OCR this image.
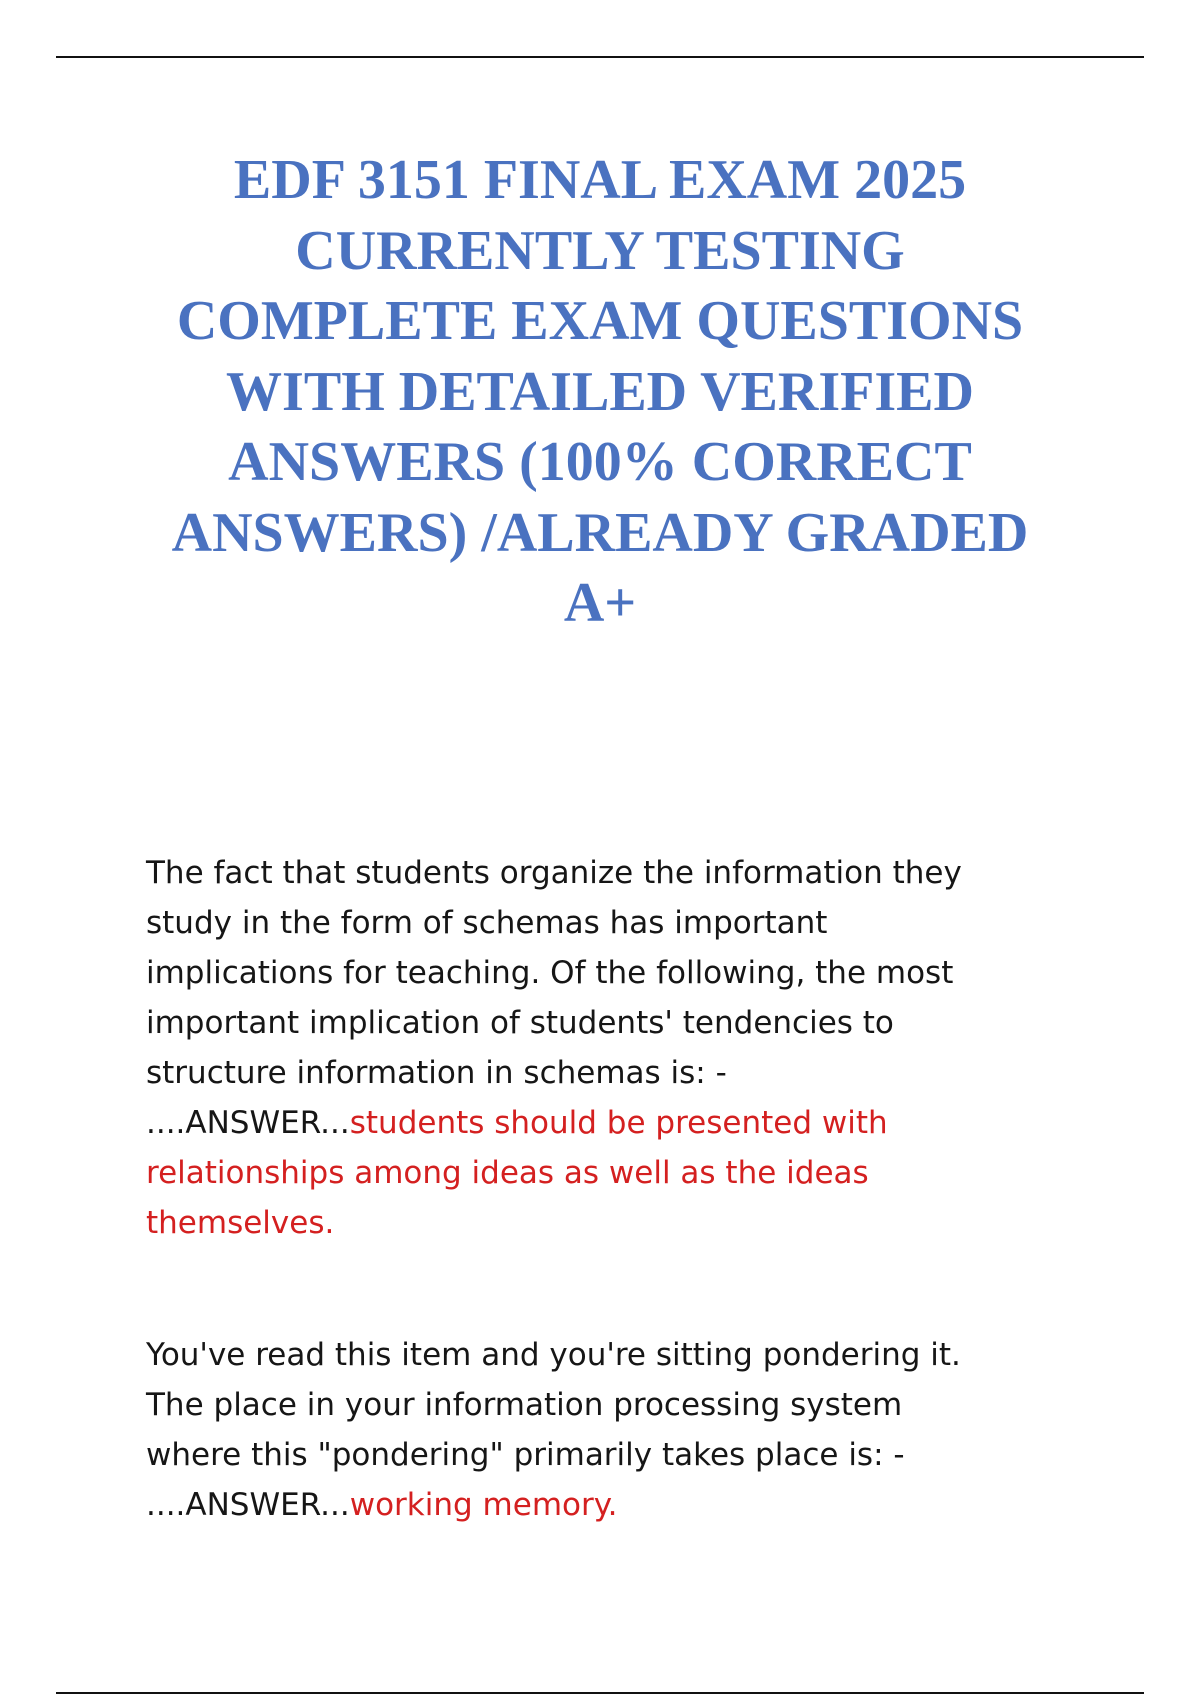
EDF 3151 FINAL EXAM 2025
CURRENTLY TESTING
COMPLETE EXAM QUESTIONS
WITH DETAILED VERIFIED
ANSWERS (100% CORRECT
ANSWERS) /ALREADY GRADED
A+
The fact that students organize the information they
study in the form of schemas has important
implications for teaching. Of the following, the most
important implication of students' tendencies to
structure information in schemas is: -
....ANSWER...students should be presented with
relationships among ideas as well as the ideas
themselves.
You've read this item and you're sitting pondering it.
The place in your information processing system
where this "pondering" primarily takes place is: -
....ANSWER...working memory.
